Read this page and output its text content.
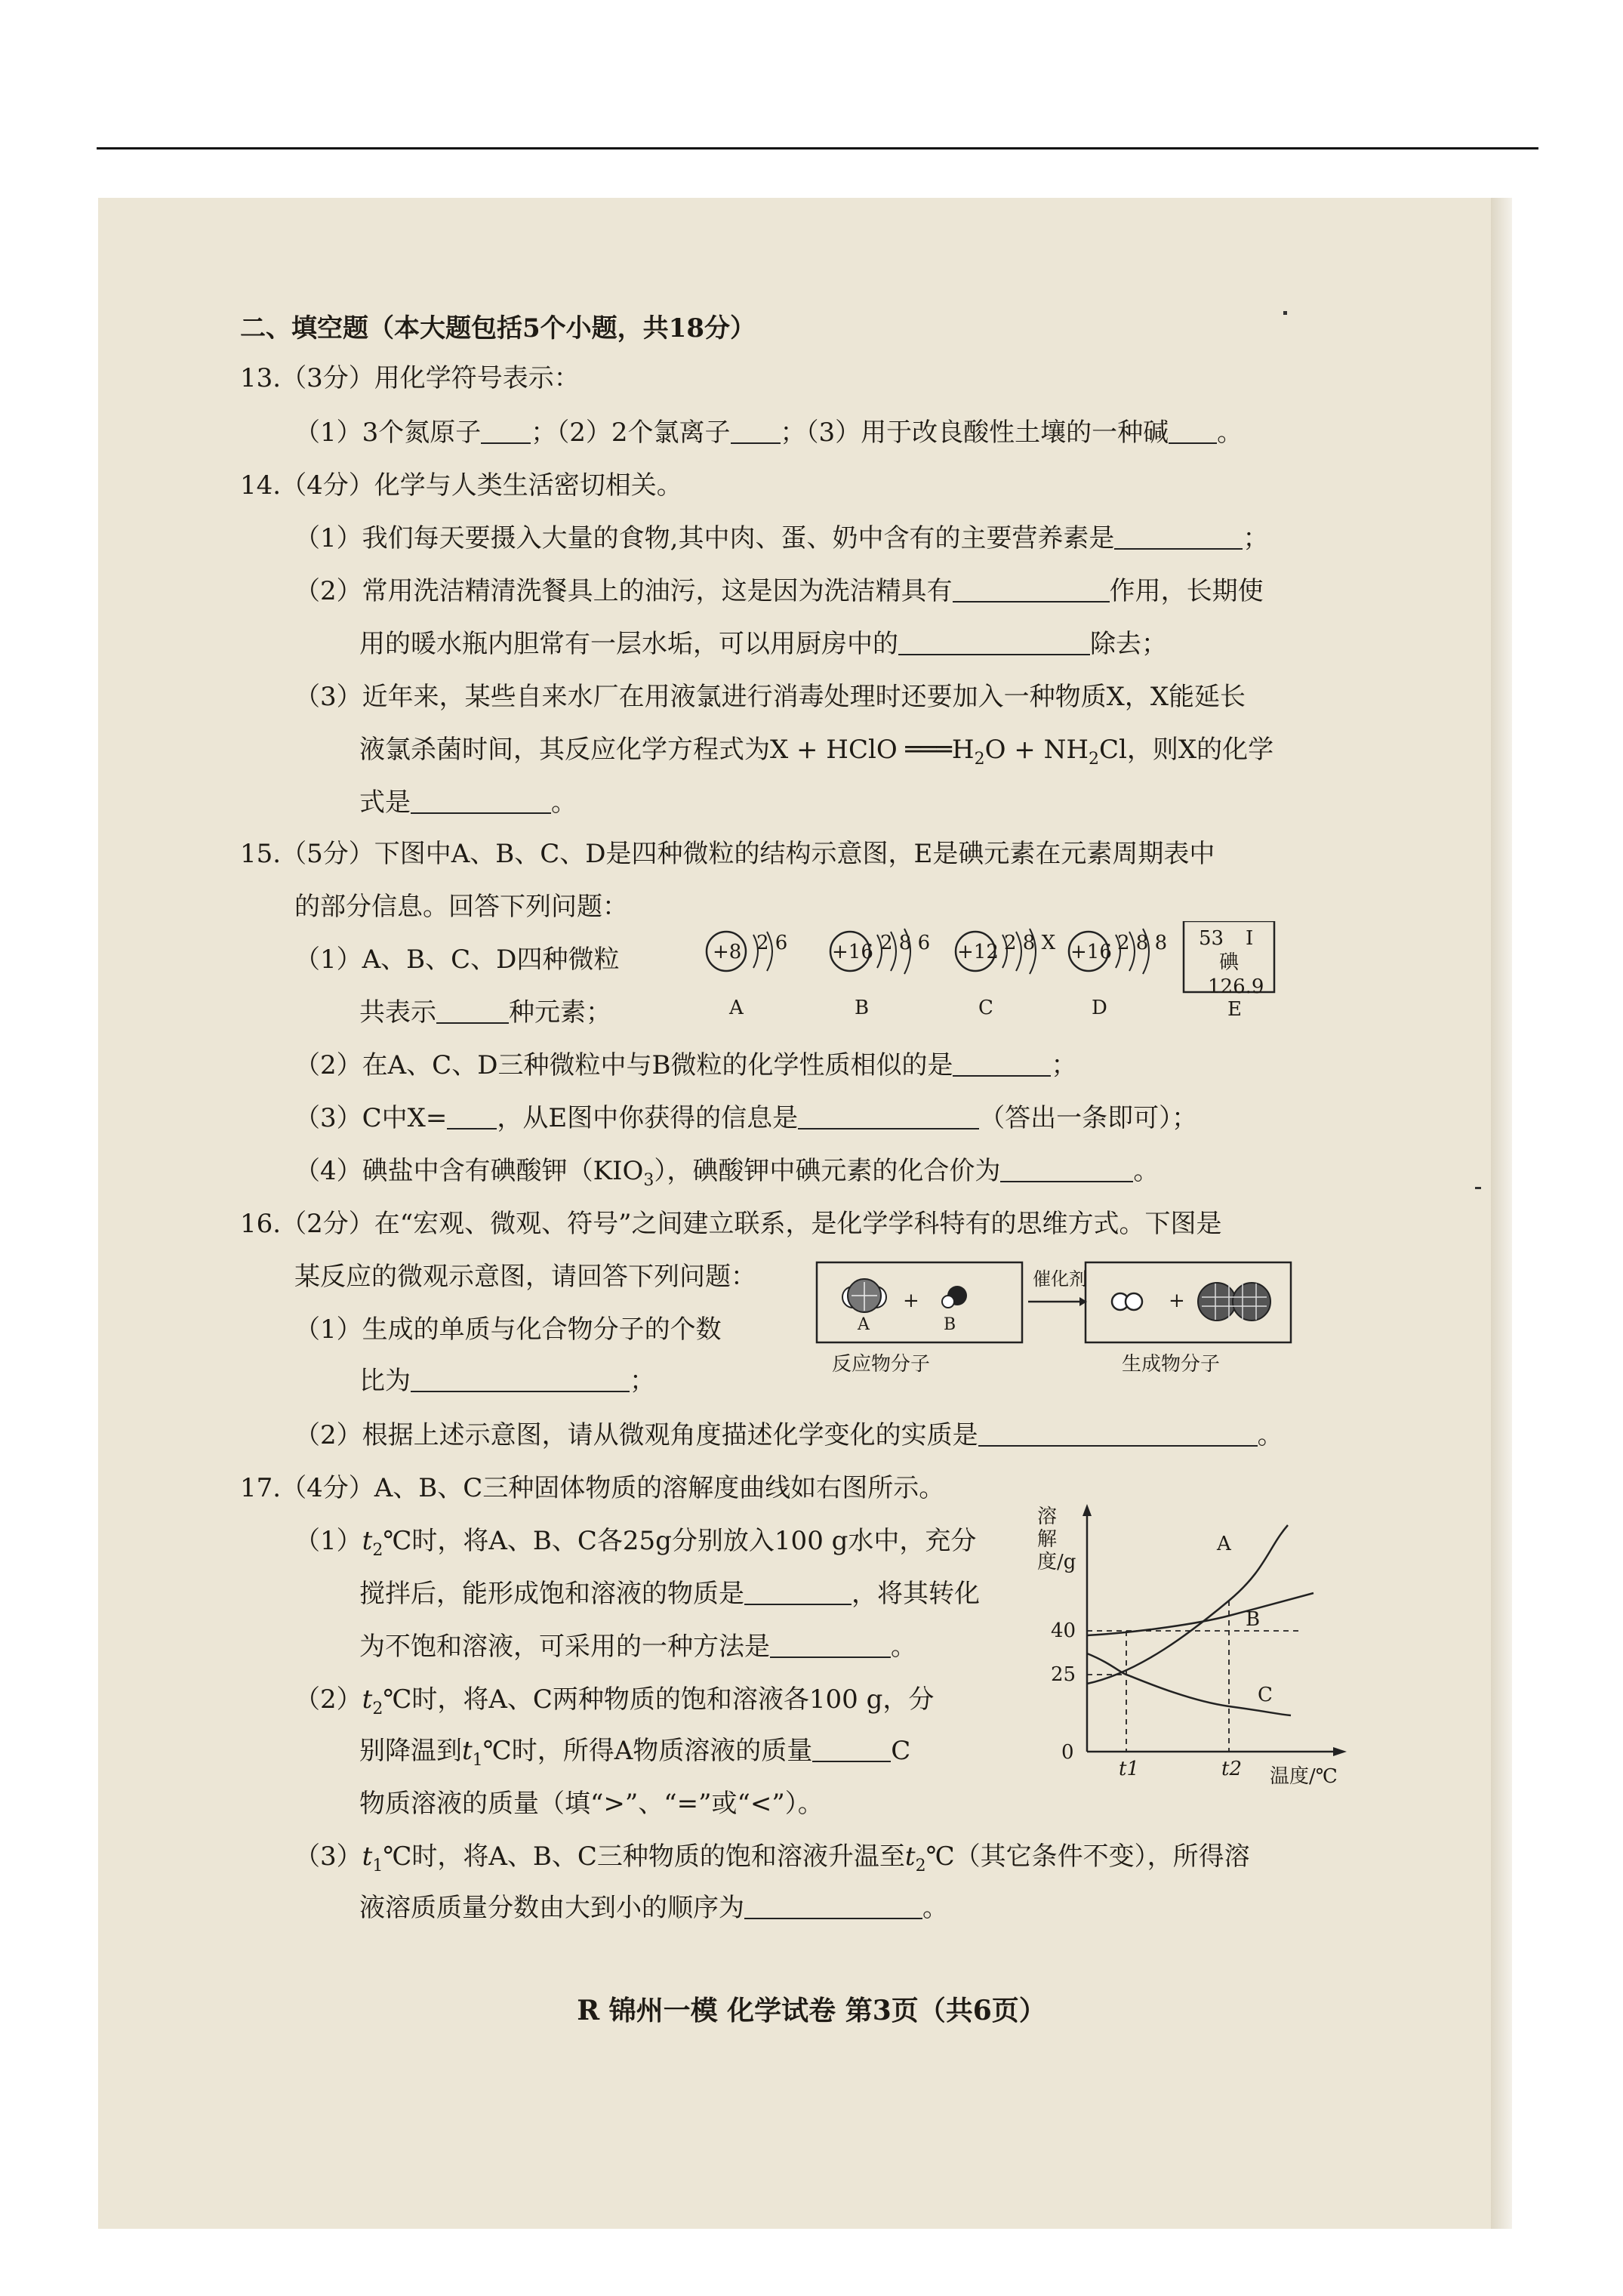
二、填空题（本大题包括5个小题，共18分）
13.（3分）用化学符号表示：
（1）3个氮原子 ；（2）2个氯离子 ；（3）用于改良酸性土壤的一种碱 。
14.（4分）化学与人类生活密切相关。
（1）我们每天要摄入大量的食物,其中肉、蛋、奶中含有的主要营养素是	；
（2）常用洗洁精清洗餐具上的油污，这是因为洗洁精具有	作用，长期使
用的暖水瓶内胆常有一层水垢，可以用厨房中的	除去；
（3）近年来，某些自来水厂在用液氯进行消毒处理时还要加入一种物质X，X能延长
液氯杀菌时间，其反应化学方程式为X + HClO $═══H_2O + NH_2Cl$，则X的化学
式是	。
15.（5分）下图中A、B、C、D是四种微粒的结构示意图，E是碘元素在元素周期表中
的部分信息。回答下列问题：
（1）A、B、C、D四种微粒
共表示	种元素；
+8 2 6
A
+16 2 8 6
B
+12 2 8 X
C
+16 2 8 8
D
53 I
碘
126.9
E
（2）在A、C、D三种微粒中与B微粒的化学性质相似的是	；
（3）C中X= ，从E图中你获得的信息是	（答出一条即可）；
（4）碘盐中含有碘酸钾$(KIO_3)$，碘酸钾中碘元素的化合价为	。
16.（2分）在“宏观、微观、符号”之间建立联系，是化学学科特有的思维方式。下图是
某反应的微观示意图，请回答下列问题：
（1）生成的单质与化合物分子的个数
比为	；
（2）根据上述示意图，请从微观角度描述化学变化的实质是	。
+
A	B
催化剂
+
反应物分子	生成物分子
17.（4分）A、B、C三种固体物质的溶解度曲线如右图所示。
$(1)t_2℃$时，将A、B、C各25g分别放入100 g水中，充分
搅拌后，能形成饱和溶液的物质是	，将其转化
为不饱和溶液，可采用的一种方法是	。
$(2)t_2℃$时，将A、C两种物质的饱和溶液各100 g，分
别降温到$t_1℃$时，所得A物质溶液的质量	C
物质溶液的质量（填“>”、“=”或“<”）。
$(3)t_1℃$时，将A、B、C三种物质的饱和溶液升温至$t_2℃$（其它条件不变），所得溶
液溶质质量分数由大到小的顺序为	。
溶解度/g
温度/℃
0
25
40
t1	t2
A
B
C
R 锦州一模 化学试卷 第3页（共6页）
